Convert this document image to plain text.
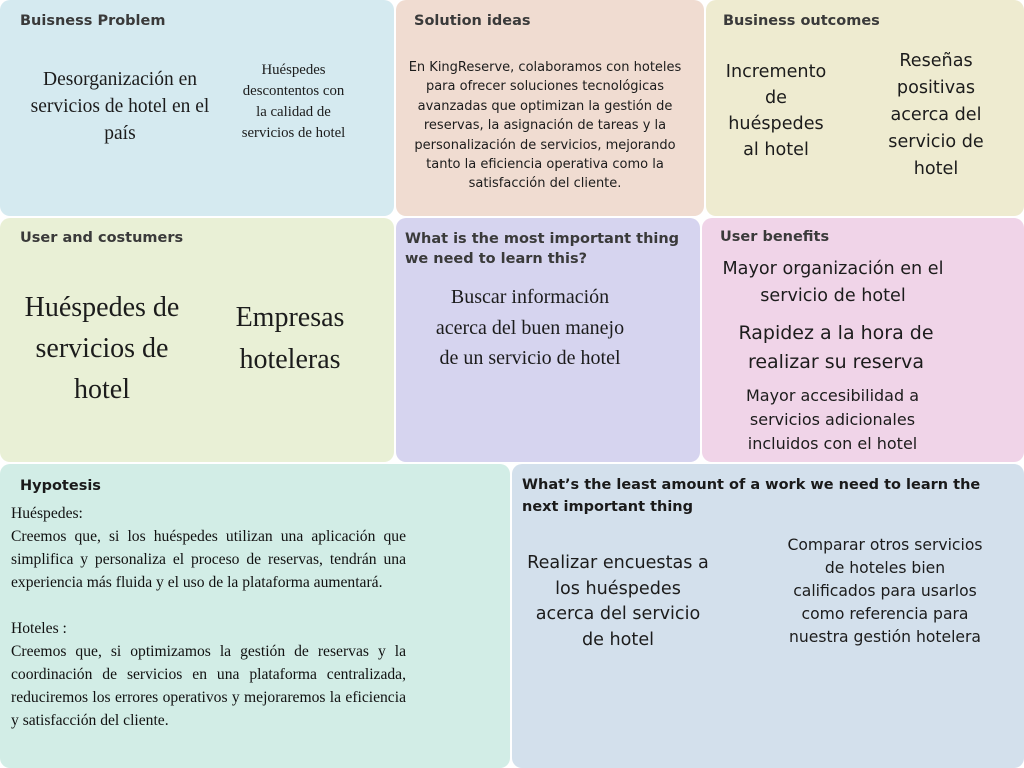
Buisness Problem

Desorganización en servicios de hotel en el país

Huéspedes descontentos con la calidad de servicios de hotel

Solution ideas

En KingReserve, colaboramos con hoteles para ofrecer soluciones tecnológicas avanzadas que optimizan la gestión de reservas, la asignación de tareas y la personalización de servicios, mejorando tanto la eficiencia operativa como la satisfacción del cliente.

Business outcomes

Incremento de huéspedes al hotel

Reseñas positivas acerca del servicio de hotel

User and costumers

Huéspedes de servicios de hotel

Empresas hoteleras

What is the most important thing we need to learn this?

Buscar información acerca del buen manejo de un servicio de hotel

User benefits

Mayor organización en el servicio de hotel

Rapidez a la hora de realizar su reserva

Mayor accesibilidad a servicios adicionales incluidos con el hotel

Hypotesis

Huéspedes:

Creemos que, si los huéspedes utilizan una aplicación que simplifica y personaliza el proceso de reservas, tendrán una experiencia más fluida y el uso de la plataforma aumentará.

Hoteles :

Creemos que, si optimizamos la gestión de reservas y la coordinación de servicios en una plataforma centralizada, reduciremos los errores operativos y mejoraremos la eficiencia y satisfacción del cliente.

What’s the least amount of a work we need to learn the next important thing

Realizar encuestas a los huéspedes acerca del servicio de hotel

Comparar otros servicios de hoteles bien calificados para usarlos como referencia para nuestra gestión hotelera
